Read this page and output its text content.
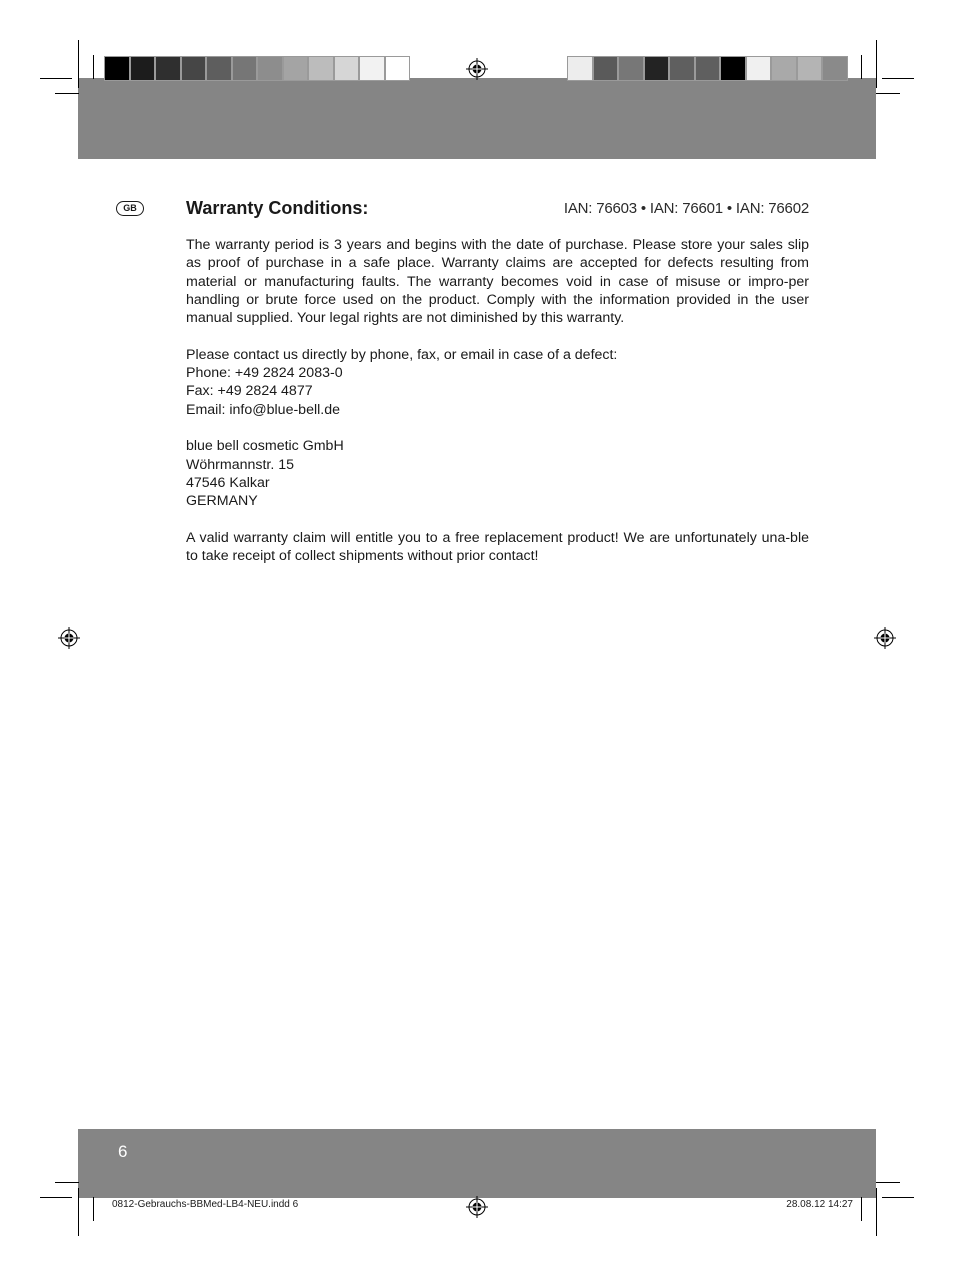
GB	Warranty Conditions:	IAN: 76603 • IAN: 76601 • IAN: 76602

The warranty period is 3 years and begins with the date of purchase. Please store your sales slip as proof of purchase in a safe place. Warranty claims are accepted for defects resulting from material or manufacturing faults. The warranty becomes void in case of misuse or impro-per handling or brute force used on the product. Comply with the information provided in the user manual supplied. Your legal rights are not diminished by this warranty.

Please contact us directly by phone, fax, or email in case of a defect:

Phone: +49 2824 2083-0

Fax: +49 2824 4877

Email: info@blue-bell.de

blue bell cosmetic GmbH

Wöhrmannstr. 15

47546 Kalkar

GERMANY

A valid warranty claim will entitle you to a free replacement product! We are unfortunately una-ble to take receipt of collect shipments without prior contact!

6
0812-Gebrauchs-BBMed-LB4-NEU.indd 6	28.08.12 14:27
